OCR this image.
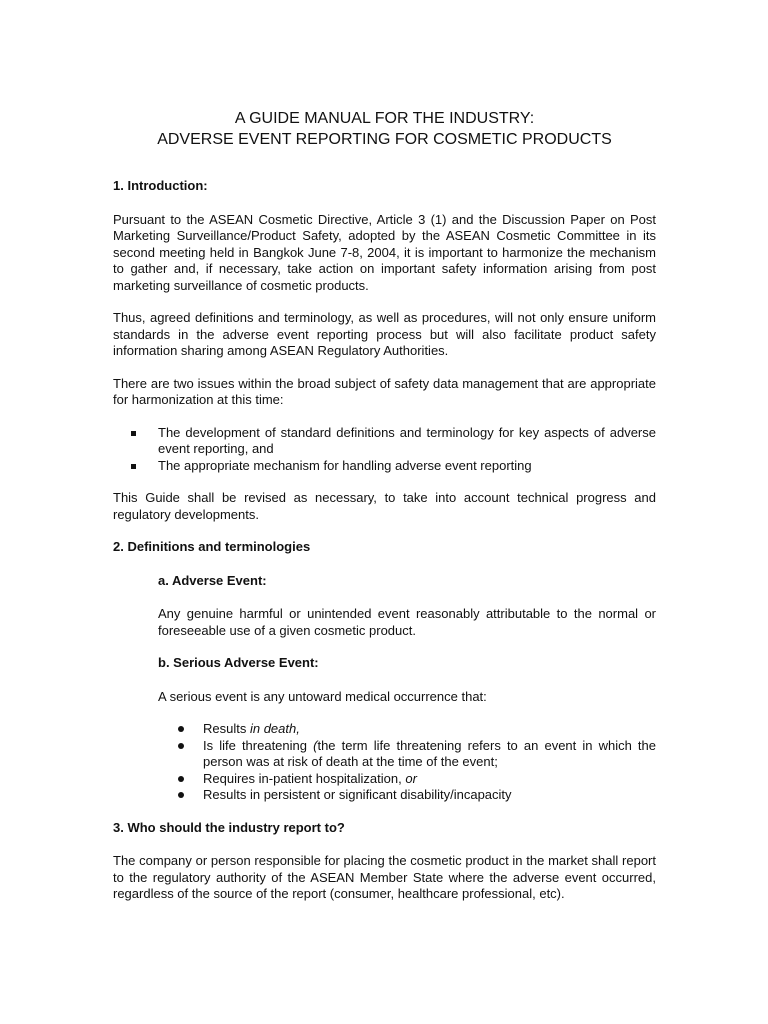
A GUIDE MANUAL FOR THE INDUSTRY:
ADVERSE EVENT REPORTING FOR COSMETIC PRODUCTS
1. Introduction:
Pursuant to the ASEAN Cosmetic Directive, Article 3 (1) and the Discussion Paper on Post Marketing Surveillance/Product Safety, adopted by the ASEAN Cosmetic Committee in its second meeting held in Bangkok June 7-8, 2004, it is important to harmonize the mechanism to gather and, if necessary, take action on important safety information arising from post marketing surveillance of cosmetic products.
Thus, agreed definitions and terminology, as well as procedures, will not only ensure uniform standards in the adverse event reporting process but will also facilitate product safety information sharing among ASEAN Regulatory Authorities.
There are two issues within the broad subject of safety data management that are appropriate for harmonization at this time:
The development of standard definitions and terminology for key aspects of adverse event reporting, and
The appropriate mechanism for handling adverse event reporting
This Guide shall be revised as necessary, to take into account technical progress and regulatory developments.
2. Definitions and terminologies
a. Adverse Event:
Any genuine harmful or unintended event reasonably attributable to the normal or foreseeable use of a given cosmetic product.
b. Serious Adverse Event:
A serious event is any untoward medical occurrence that:
Results in death,
Is life threatening (the term life threatening refers to an event in which the person was at risk of death at the time of the event;
Requires in-patient hospitalization, or
Results in persistent or significant disability/incapacity
3. Who should the industry report to?
The company or person responsible for placing the cosmetic product in the market shall report to the regulatory authority of the ASEAN Member State where the adverse event occurred, regardless of the source of the report (consumer, healthcare professional, etc).
